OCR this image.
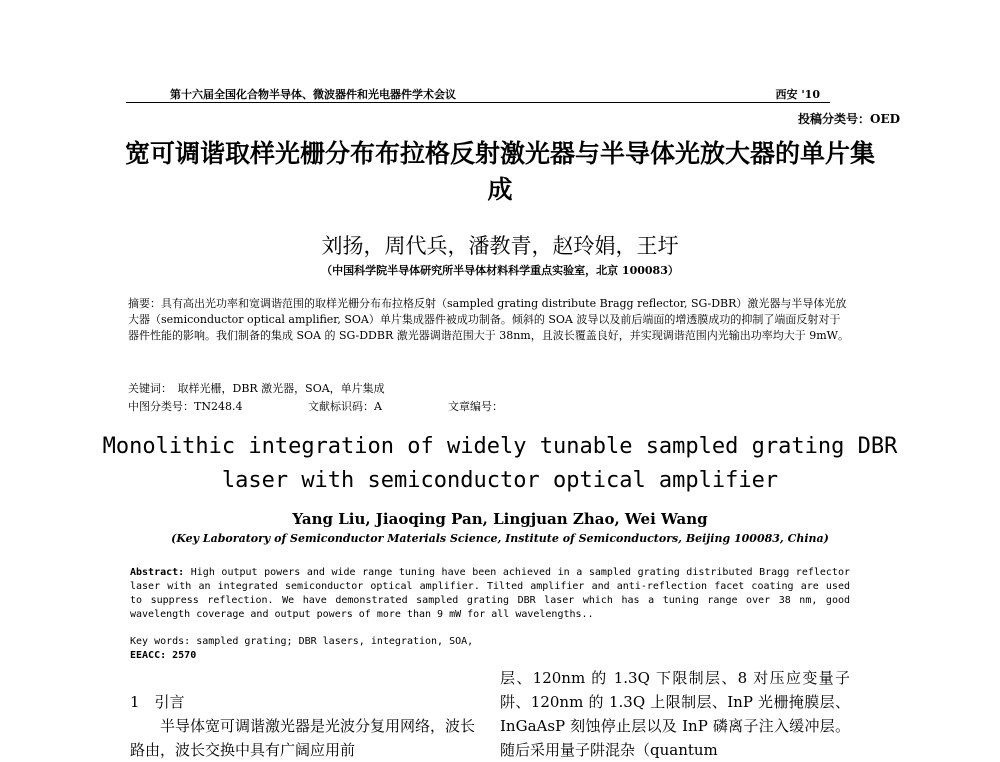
第十六届全国化合物半导体、微波器件和光电器件学术会议	西安 '10
投稿分类号：OED
宽可调谐取样光栅分布布拉格反射激光器与半导体光放大器的单片集成
刘扬，周代兵，潘教青，赵玲娟，王圩
（中国科学院半导体研究所半导体材料科学重点实验室，北京 100083）
摘要：具有高出光功率和宽调谐范围的取样光栅分布布拉格反射（sampled grating distribute Bragg reflector, SG-DBR）激光器与半导体光放大器（semiconductor optical amplifier, SOA）单片集成器件被成功制备。倾斜的 SOA 波导以及前后端面的增透膜成功的抑制了端面反射对于器件性能的影响。我们制备的集成 SOA 的 SG-DDBR 激光器调谐范围大于 38nm，且波长覆盖良好，并实现调谐范围内光输出功率均大于 9mW。
关键词：　取样光栅，DBR 激光器，SOA，单片集成
中图分类号：TN248.4	文献标识码：A	文章编号：
Monolithic integration of widely tunable sampled grating DBR laser with semiconductor optical amplifier
Yang Liu, Jiaoqing Pan, Lingjuan Zhao, Wei Wang
(Key Laboratory of Semiconductor Materials Science, Institute of Semiconductors, Beijing 100083, China)
Abstract: High output powers and wide range tuning have been achieved in a sampled grating distributed Bragg reflector laser with an integrated semiconductor optical amplifier. Tilted amplifier and anti-reflection facet coating are used to suppress reflection. We have demonstrated sampled grating DBR laser which has a tuning range over 38 nm, good wavelength coverage and output powers of more than 9 mW for all wavelengths..
Key words: sampled grating; DBR lasers, integration, SOA,
EEACC: 2570
1　引言
半导体宽可调谐激光器是光波分复用网络，波长路由，波长交换中具有广阔应用前
层、120nm 的 1.3Q 下限制层、8 对压应变量子阱、120nm 的 1.3Q 上限制层、InP 光栅掩膜层、InGaAsP 刻蚀停止层以及 InP 磷离子注入缓冲层。随后采用量子阱混杂（quantum
